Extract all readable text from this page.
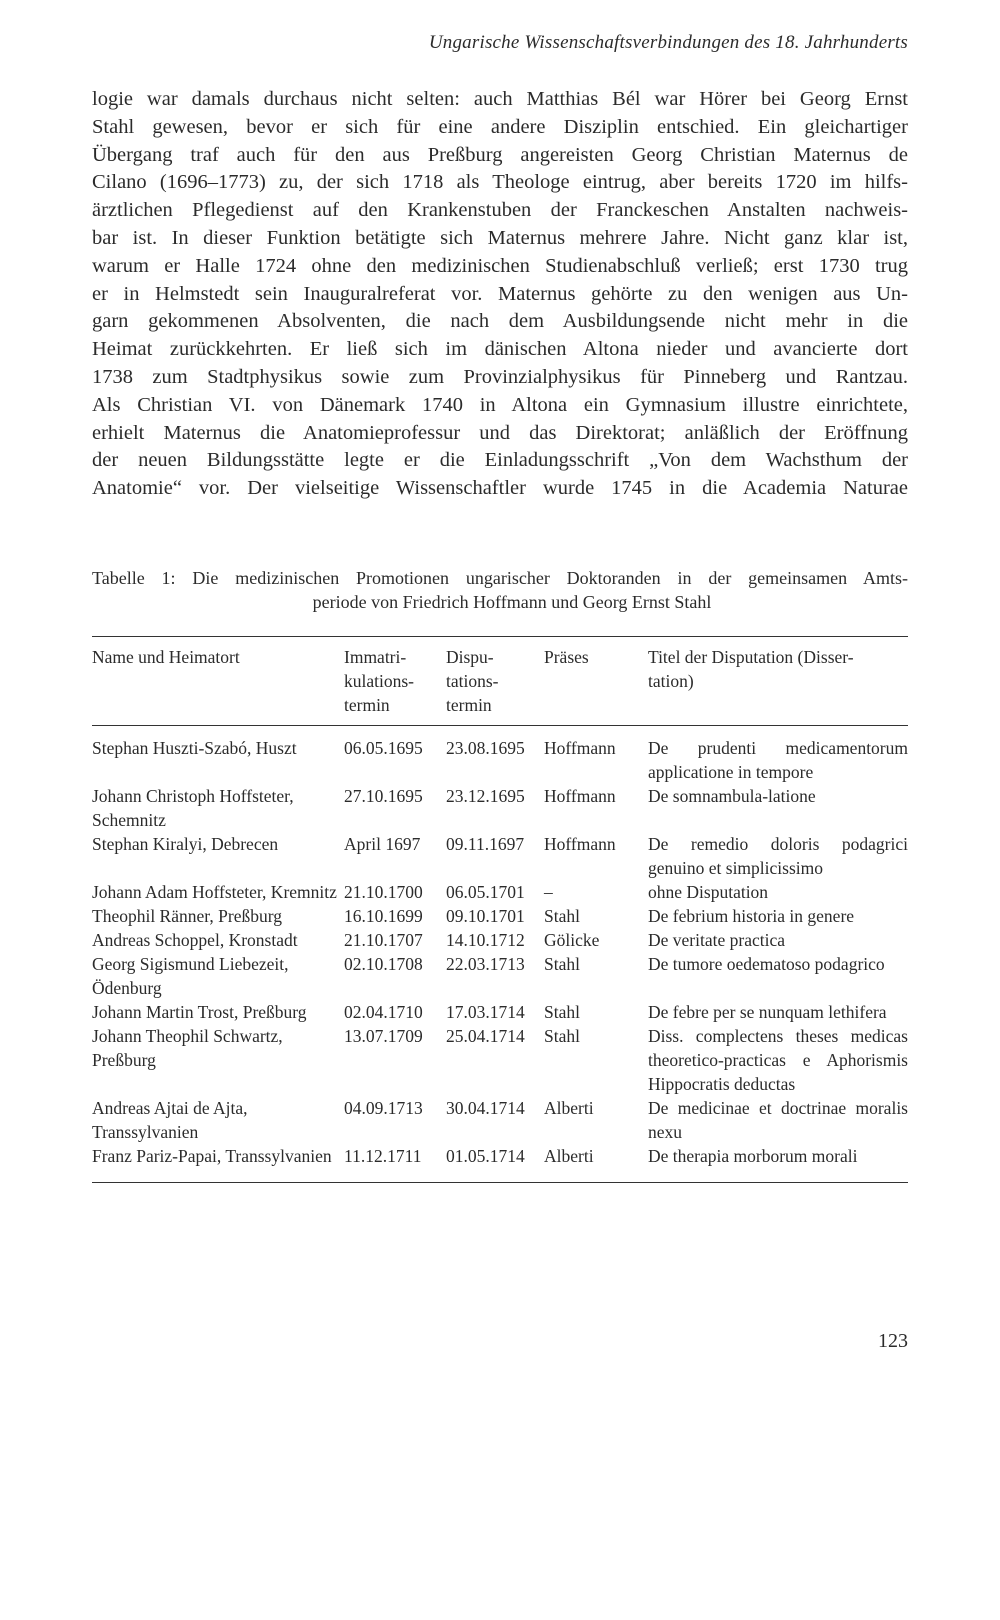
Ungarische Wissenschaftsverbindungen des 18. Jahrhunderts
logie war damals durchaus nicht selten: auch Matthias Bél war Hörer bei Georg Ernst
Stahl gewesen, bevor er sich für eine andere Disziplin entschied. Ein gleichartiger
Übergang traf auch für den aus Preßburg angereisten Georg Christian Maternus de
Cilano (1696–1773) zu, der sich 1718 als Theologe eintrug, aber bereits 1720 im hilfs-
ärztlichen Pflegedienst auf den Krankenstuben der Franckeschen Anstalten nachweis-
bar ist. In dieser Funktion betätigte sich Maternus mehrere Jahre. Nicht ganz klar ist,
warum er Halle 1724 ohne den medizinischen Studienabschluß verließ; erst 1730 trug
er in Helmstedt sein Inauguralreferat vor. Maternus gehörte zu den wenigen aus Un-
garn gekommenen Absolventen, die nach dem Ausbildungsende nicht mehr in die
Heimat zurückkehrten. Er ließ sich im dänischen Altona nieder und avancierte dort
1738 zum Stadtphysikus sowie zum Provinzialphysikus für Pinneberg und Rantzau.
Als Christian VI. von Dänemark 1740 in Altona ein Gymnasium illustre einrichtete,
erhielt Maternus die Anatomieprofessur und das Direktorat; anläßlich der Eröffnung
der neuen Bildungsstätte legte er die Einladungsschrift „Von dem Wachsthum der
Anatomie“ vor. Der vielseitige Wissenschaftler wurde 1745 in die Academia Naturae
Tabelle 1: Die medizinischen Promotionen ungarischer Doktoranden in der gemeinsamen Amts-
periode von Friedrich Hoffmann und Georg Ernst Stahl
Name und Heimatort	Immatri-
kulations-
termin	Dispu-
tations-
termin	Präses	Titel der Disputation (Disser-
tation)
Stephan Huszti-Szabó, Huszt	06.05.1695	23.08.1695	Hoffmann	De prudenti medicamentorum applicatione in tempore
Johann Christoph Hoffsteter, Schemnitz	27.10.1695	23.12.1695	Hoffmann	De somnambula-latione
Stephan Kiralyi, Debrecen	April 1697	09.11.1697	Hoffmann	De remedio doloris podagrici genuino et simplicissimo
Johann Adam Hoffsteter, Kremnitz	21.10.1700	06.05.1701	–	ohne Disputation
Theophil Ränner, Preßburg	16.10.1699	09.10.1701	Stahl	De febrium historia in genere
Andreas Schoppel, Kronstadt	21.10.1707	14.10.1712	Gölicke	De veritate practica
Georg Sigismund Liebezeit, Ödenburg	02.10.1708	22.03.1713	Stahl	De tumore oedematoso podagrico
Johann Martin Trost, Preßburg	02.04.1710	17.03.1714	Stahl	De febre per se nunquam lethifera
Johann Theophil Schwartz, Preßburg	13.07.1709	25.04.1714	Stahl	Diss. complectens theses medicas theoretico-practicas e Aphorismis Hippocratis deductas
Andreas Ajtai de Ajta, Transsylvanien	04.09.1713	30.04.1714	Alberti	De medicinae et doctrinae moralis nexu
Franz Pariz-Papai, Transsylvanien	11.12.1711	01.05.1714	Alberti	De therapia morborum morali
123
